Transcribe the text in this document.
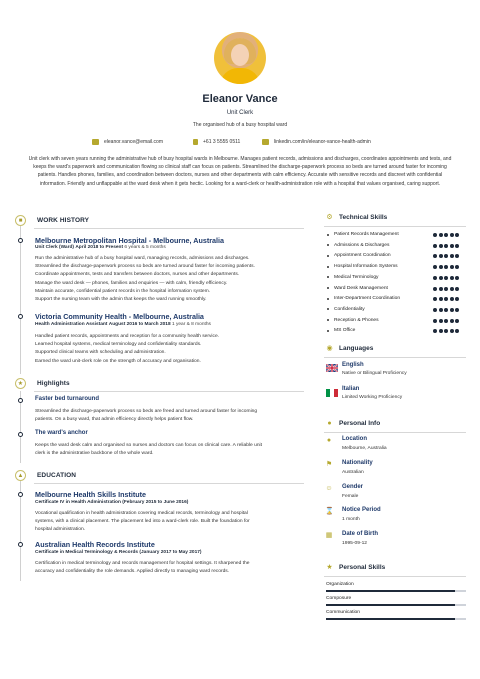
Eleanor Vance
Unit Clerk
The organised hub of a busy hospital ward
eleanor.vance@email.com	+61 3 5555 0511	linkedin.com/in/eleanor-vance-health-admin
Unit clerk with seven years running the administrative hub of busy hospital wards in Melbourne. Manages patient records, admissions and discharges, coordinates appointments and tests, and keeps the ward's paperwork and communication flowing so clinical staff can focus on patients. Streamlined the discharge-paperwork process so beds are turned around faster for incoming patients. Handles phones, families, and coordination between doctors, nurses and other departments with calm efficiency. Accurate with sensitive records and discreet with confidential information. Friendly and unflappable at the ward desk when it gets hectic. Looking for a ward-clerk or health-administration role with a hospital that values organised, caring support.
■	WORK HISTORY
Melbourne Metropolitan Hospital - Melbourne, Australia
Unit Clerk (Ward) April 2018 to Present 6 years & 5 months
Run the administrative hub of a busy hospital ward, managing records, admissions and discharges.
Streamlined the discharge-paperwork process so beds are turned around faster for incoming patients.
Coordinate appointments, tests and transfers between doctors, nurses and other departments.
Manage the ward desk — phones, families and enquiries — with calm, friendly efficiency.
Maintain accurate, confidential patient records in the hospital information system.
Support the nursing team with the admin that keeps the ward running smoothly.
Victoria Community Health - Melbourne, Australia
Health Administration Assistant August 2016 to March 2018 1 year & 8 months
Handled patient records, appointments and reception for a community health service.
Learned hospital systems, medical terminology and confidentiality standards.
Supported clinical teams with scheduling and administration.
Earned the ward unit-clerk role on the strength of accuracy and organisation.
★	Highlights
Faster bed turnaround
Streamlined the discharge-paperwork process so beds are freed and turned around faster for incoming
patients. On a busy ward, that admin efficiency directly helps patient flow.
The ward's anchor
Keeps the ward desk calm and organised so nurses and doctors can focus on clinical care. A reliable unit
clerk is the administrative backbone of the whole ward.
▲	EDUCATION
Melbourne Health Skills Institute
Certificate IV in Health Administration (February 2015 to June 2016)
Vocational qualification in health administration covering medical records, terminology and hospital
systems, with a clinical placement. The placement led into a ward-clerk role. Built the foundation for
hospital administration.
Australian Health Records Institute
Certificate in Medical Terminology & Records (January 2017 to May 2017)
Certification in medical terminology and records management for hospital settings. It sharpened the
accuracy and confidentiality the role demands. Applied directly to managing ward records.
⚙ Technical Skills
Patient Records Management
Admissions & Discharges
Appointment Coordination
Hospital Information Systems
Medical Terminology
Ward Desk Management
Inter-Department Coordination
Confidentiality
Reception & Phones
MS Office
◉ Languages
English
Native or Bilingual Proficiency
Italian
Limited Working Proficiency
● Personal Info
●	Location
Melbourne, Australia
⚑ Nationality
Australian
☺ Gender
Female
⌛ Notice Period
1 month
▦ Date of Birth
1995-09-12
★ Personal Skills
Organization
Composure
Communication
